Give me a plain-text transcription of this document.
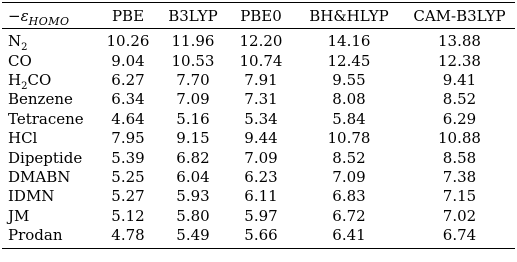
$-\varepsilon_{HOMO}$	PBE	B3LYP	PBE0	BH&HLYP	CAM-B3LYP
$N_2$	10.26	11.96	12.20	14.16	13.88
CO	9.04	10.53	10.74	12.45	12.38
$H_2CO$	6.27	7.70	7.91	9.55	9.41
Benzene	6.34	7.09	7.31	8.08	8.52
Tetracene	4.64	5.16	5.34	5.84	6.29
HCl	7.95	9.15	9.44	10.78	10.88
Dipeptide	5.39	6.82	7.09	8.52	8.58
DMABN	5.25	6.04	6.23	7.09	7.38
IDMN	5.27	5.93	6.11	6.83	7.15
JM	5.12	5.80	5.97	6.72	7.02
Prodan	4.78	5.49	5.66	6.41	6.74
